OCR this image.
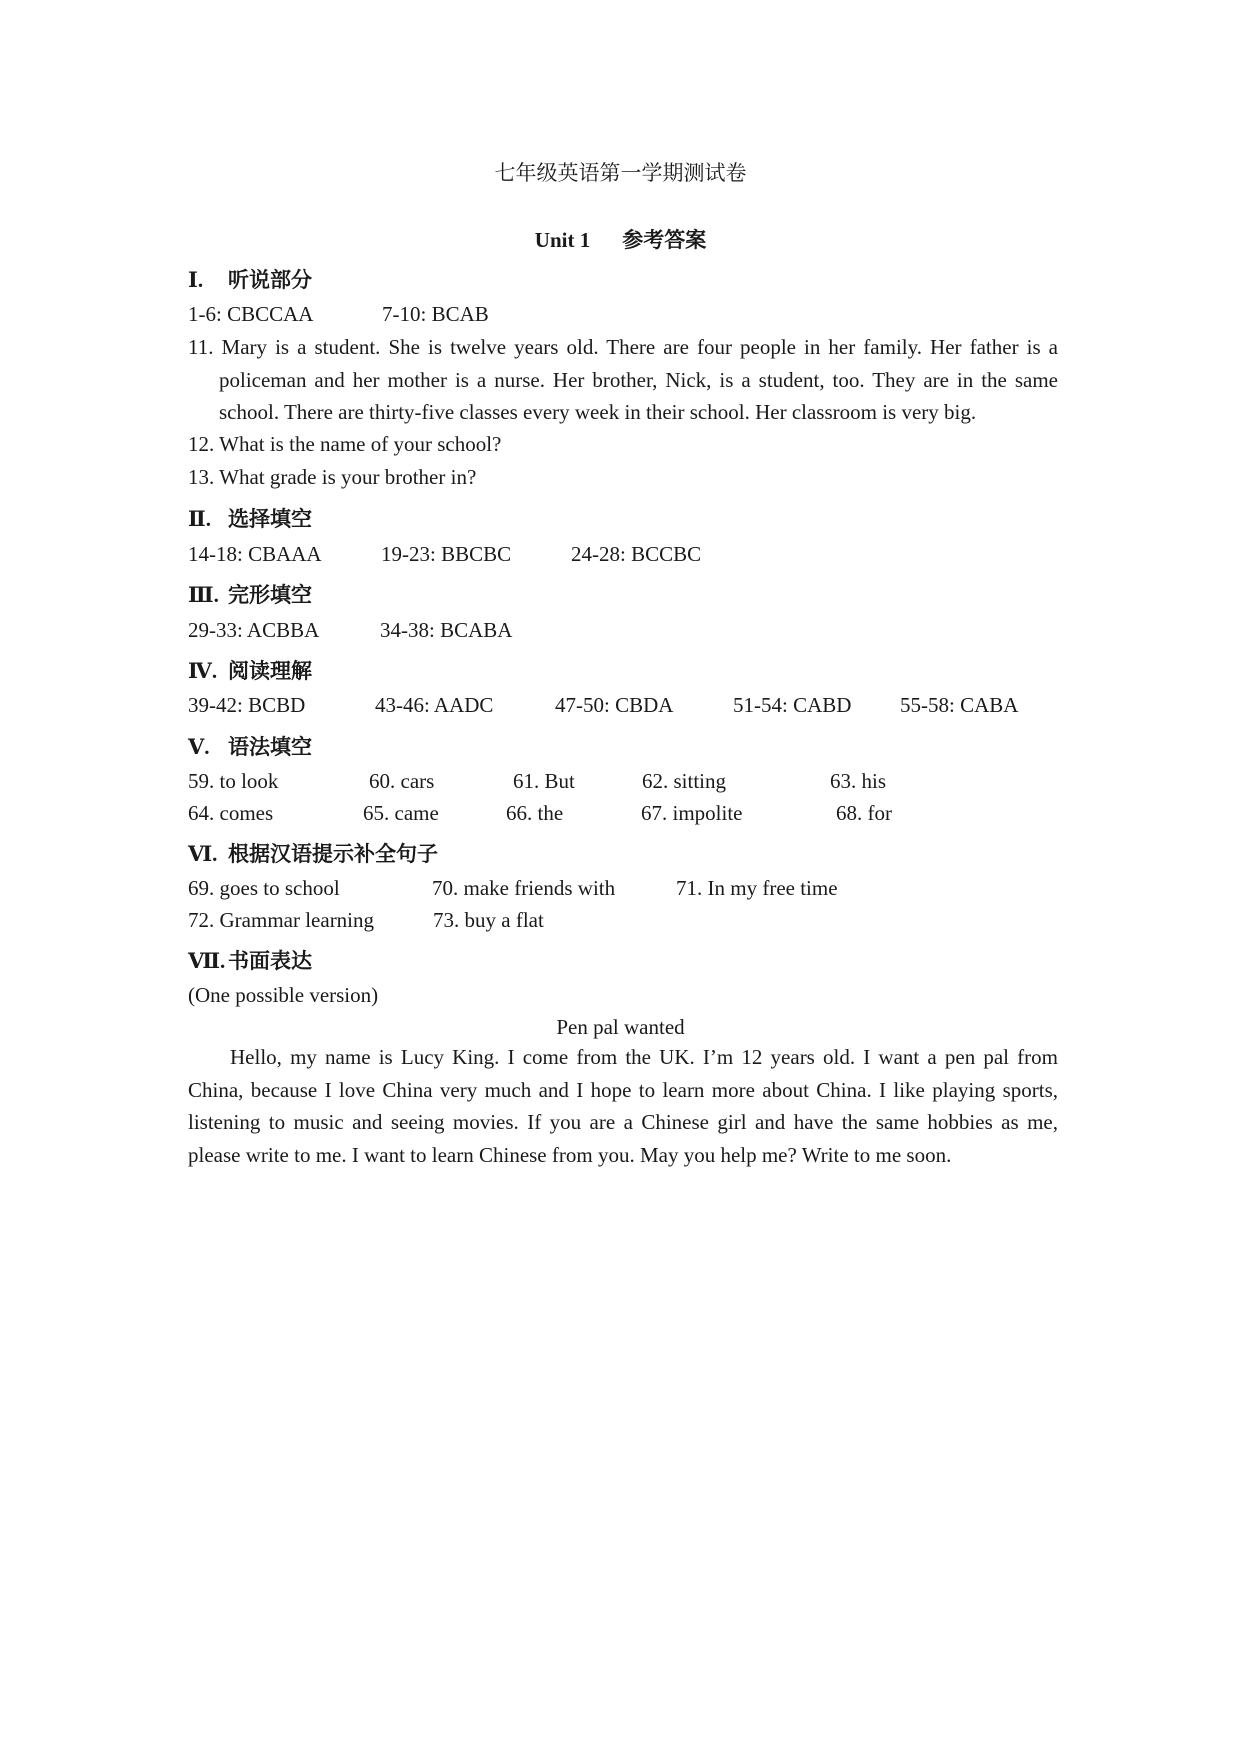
七年级英语第一学期测试卷
Unit 1 参考答案
Ⅰ. 听说部分
1-6: CBCCAA	7-10: BCAB
11. Mary is a student. She is twelve years old. There are four people in her family. Her father is a policeman and her mother is a nurse. Her brother, Nick, is a student, too. They are in the same school. There are thirty-five classes every week in their school. Her classroom is very big.
12. What is the name of your school?
13. What grade is your brother in?
Ⅱ. 选择填空
14-18: CBAAA	19-23: BBCBC	24-28: BCCBC
Ⅲ. 完形填空
29-33: ACBBA	34-38: BCABA
Ⅳ. 阅读理解
39-42: BCBD	43-46: AADC	47-50: CBDA	51-54: CABD 55-58: CABA
Ⅴ. 语法填空
59. to look	60. cars	61. But	62. sitting	63. his
64. comes	65. came	66. the	67. impolite	68. for
Ⅵ. 根据汉语提示补全句子
69. goes to school	70. make friends with	71. In my free time
72. Grammar learning	73. buy a flat
Ⅶ. 书面表达
(One possible version)
Pen pal wanted
Hello, my name is Lucy King. I come from the UK. I’m 12 years old. I want a pen pal from China, because I love China very much and I hope to learn more about China. I like playing sports, listening to music and seeing movies. If you are a Chinese girl and have the same hobbies as me, please write to me. I want to learn Chinese from you. May you help me? Write to me soon.
